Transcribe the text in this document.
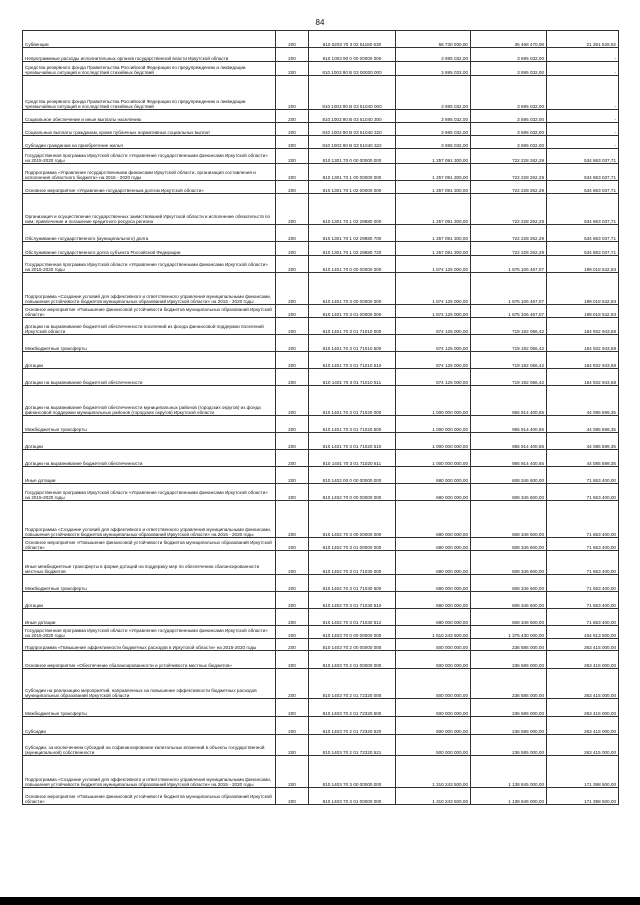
84
Субвенции	200	810 0203 70 3 02 51180 530	56 730 000,00	35 468 470,08	21 261 529,92
Непрограммные расходы исполнительных органов государственной власти Иркутской области	200	810 1003 90 0 00 00000 000	3 695 032,00	3 695 032,00	-
Средства резервного фонда Правительства Российской Федерации по предупреждению и ликвидации чрезвычайных ситуаций и последствий стихийных бедствий	200	810 1003 90 В 03 00000 000	3 695 032,00	3 695 032,00	-
Средства резервного фонда Правительства Российской Федерации по предупреждению и ликвидации чрезвычайных ситуаций и последствий стихийных бедствий	200	810 1003 90 В 03 51040 000	3 695 032,00	3 695 032,00	-
Социальное обеспечение и иные выплаты населению	200	810 1003 90 В 03 51040 300	3 695 032,00	3 695 032,00	-
Социальные выплаты гражданам, кроме публичных нормативных социальных выплат	200	810 1003 90 В 03 51040 320	3 695 032,00	3 695 032,00	-
Субсидии гражданам на приобретение жилья	200	810 1003 90 В 03 51040 322	3 695 032,00	3 695 032,00	-
Государственная программа Иркутской области «Управление государственными финансами Иркутской области» на 2015-2020 годы	200	810 1301 70 0 00 00000 000	1 257 091 300,00	722 228 262,29	534 863 037,71
Подпрограмма «Управление государственными финансами Иркутской области, организация составления и исполнения областного бюджета» на 2015 - 2020 годы	200	810 1301 70 1 00 00000 000	1 257 091 300,00	722 228 262,29	534 863 037,71
Основное мероприятие «Управление государственным долгом Иркутской области»	200	810 1301 70 1 02 00000 000	1 257 091 300,00	722 228 262,29	534 863 037,71
Организация и осуществление государственных заимствований Иркутской области и исполнение обязательств по ним, привлечение и погашение кредитного ресурса региона	200	810 1301 70 1 02 29880 000	1 257 091 300,00	722 228 262,29	534 863 037,71
Обслуживание государственного (муниципального) долга	200	810 1301 70 1 02 29880 700	1 257 091 300,00	722 228 262,29	534 863 037,71
Обслуживание государственного долга субъекта Российской Федерации	200	810 1301 70 1 02 29880 720	1 257 091 300,00	722 228 262,29	534 863 037,71
Государственная программа Иркутской области «Управление государственными финансами Иркутской области» на 2015-2020 годы	200	810 1401 70 0 00 00000 000	1 874 125 000,00	1 675 106 457,07	199 018 542,93
Подпрограмма «Создание условий для эффективного и ответственного управления муниципальными финансами, повышения устойчивости бюджетов муниципальных образований Иркутской области» на 2015 - 2020 годы	200	810 1401 70 3 00 00000 000	1 874 125 000,00	1 675 106 457,07	199 018 542,93
Основное мероприятие «Повышение финансовой устойчивости бюджетов муниципальных образований Иркутской области»	200	810 1401 70 3 01 00000 000	1 874 125 000,00	1 675 106 457,07	199 018 542,93
Дотации на выравнивание бюджетной обеспеченности поселений из фонда финансовой поддержки поселений Иркутской области	200	810 1401 70 3 01 71010 000	874 125 000,00	719 192 056,42	154 932 943,58
Межбюджетные трансферты	200	810 1401 70 3 01 71010 500	874 125 000,00	719 192 056,42	154 932 943,58
Дотации	200	810 1401 70 3 01 71010 510	874 125 000,00	719 192 056,42	154 932 943,58
Дотации на выравнивание бюджетной обеспеченности	200	810 1401 70 3 01 71010 511	874 125 000,00	719 192 056,42	154 932 943,58
Дотации на выравнивание бюджетной обеспеченности муниципальных районов (городских округов) из фонда финансовой поддержки муниципальных районов (городских округов) Иркутской области	200	810 1401 70 3 01 71020 000	1 000 000 000,00	955 914 400,65	44 085 599,35
Межбюджетные трансферты	200	810 1401 70 3 01 71020 500	1 000 000 000,00	955 914 400,65	44 085 599,35
Дотации	200	810 1401 70 3 01 71020 510	1 000 000 000,00	955 914 400,65	44 085 599,35
Дотации на выравнивание бюджетной обеспеченности	200	810 1401 70 3 01 71020 511	1 000 000 000,00	955 914 400,65	44 085 599,35
Иные дотации	200	810 1402 00 0 00 00000 000	680 000 000,00	608 346 600,00	71 653 400,00
Государственная программа Иркутской области «Управление государственными финансами Иркутской области» на 2015-2020 годы	200	810 1402 70 0 00 00000 000	680 000 000,00	608 346 600,00	71 653 400,00
Подпрограмма «Создание условий для эффективного и ответственного управления муниципальными финансами, повышения устойчивости бюджетов муниципальных образований Иркутской области» на 2015 - 2020 годы	200	810 1402 70 3 00 00000 000	680 000 000,00	608 346 600,00	71 653 400,00
Основное мероприятие «Повышение финансовой устойчивости бюджетов муниципальных образований Иркутской области»	200	810 1402 70 3 01 00000 000	680 000 000,00	608 346 600,00	71 653 400,00
Иные межбюджетные трансферты в форме дотаций на поддержку мер по обеспечению сбалансированности местных бюджетов	200	810 1402 70 3 01 71030 000	680 000 000,00	608 346 600,00	71 653 400,00
Межбюджетные трансферты	200	810 1402 70 3 01 71030 500	680 000 000,00	608 346 600,00	71 653 400,00
Дотации	200	810 1402 70 3 01 71030 510	680 000 000,00	608 346 600,00	71 653 400,00
Иные дотации	200	810 1402 70 3 01 71030 512	680 000 000,00	608 346 600,00	71 653 400,00
Государственная программа Иркутской области «Управление государственными финансами Иркутской области» на 2015-2020 годы	200	810 1403 70 0 00 00000 000	1 810 243 500,00	1 375 430 000,00	434 813 500,00
Подпрограмма «Повышение эффективности бюджетных расходов в Иркутской области» на 2015-2020 годы	200	810 1403 70 2 00 00000 000	500 000 000,00	236 585 000,00	263 415 000,00
Основное мероприятие «Обеспечение сбалансированности и устойчивости местных бюджетов»	200	810 1403 70 2 01 00000 000	500 000 000,00	236 585 000,00	263 415 000,00
Субсидии на реализацию мероприятий, направленных на повышение эффективности бюджетных расходов муниципальных образований Иркутской области	200	810 1403 70 2 01 72320 000	500 000 000,00	236 585 000,00	263 415 000,00
Межбюджетные трансферты	200	810 1403 70 2 01 72320 500	500 000 000,00	236 585 000,00	263 415 000,00
Субсидии	200	810 1403 70 2 01 72320 520	500 000 000,00	236 585 000,00	263 415 000,00
Субсидии, за исключением субсидий на софинансирование капитальных вложений в объекты государственной (муниципальной) собственности	200	810 1403 70 2 01 72320 521	500 000 000,00	236 585 000,00	263 415 000,00
Подпрограмма «Создание условий для эффективного и ответственного управления муниципальными финансами, повышения устойчивости бюджетов муниципальных образований Иркутской области» на 2015 - 2020 годы	200	810 1403 70 3 00 00000 000	1 310 243 500,00	1 138 845 000,00	171 398 500,00
Основное мероприятие «Повышение финансовой устойчивости бюджетов муниципальных образований Иркутской области»	200	810 1403 70 3 01 00000 000	1 310 243 500,00	1 138 845 000,00	171 398 500,00
